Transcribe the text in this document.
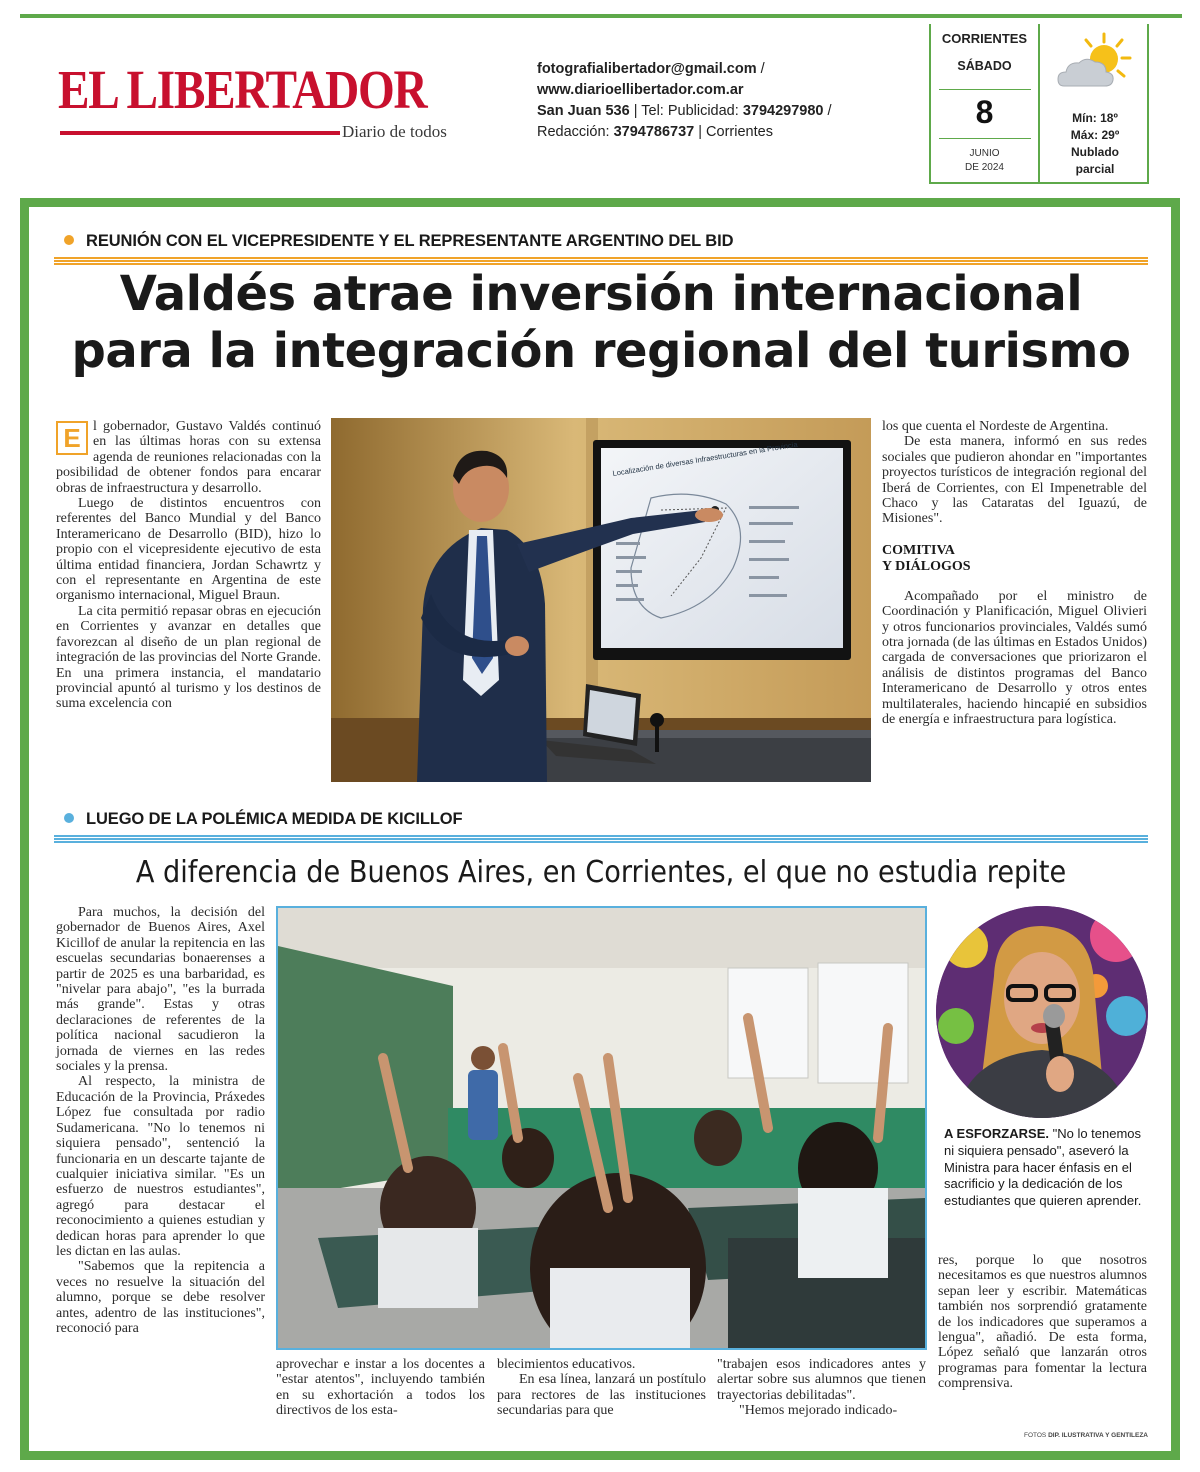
EL LIBERTADOR
Diario de todos
fotografialibertador@gmail.com /
www.diarioellibertador.com.ar
San Juan 536 | Tel: Publicidad: 3794297980 /
Redacción: 3794786737 | Corrientes
CORRIENTES
SÁBADO
8
JUNIO
DE 2024
Mín: 18º
Máx: 29º
Nublado
parcial
REUNIÓN CON EL VICEPRESIDENTE Y EL REPRESENTANTE ARGENTINO DEL BID
Valdés atrae inversión internacional
para la integración regional del turismo
E l gobernador, Gustavo Valdés continuó en las últimas horas con su extensa agenda de reuniones relacionadas con la posibilidad de obtener fondos para encarar obras de infraestructura y desarrollo.

Luego de distintos encuentros con referentes del Banco Mundial y del Banco Interamericano de Desarrollo (BID), hizo lo propio con el vicepresidente ejecutivo de esta última entidad financiera, Jordan Schawrtz y con el representante en Argentina de este organismo internacional, Miguel Braun.

La cita permitió repasar obras en ejecución en Corrientes y avanzar en detalles que favorezcan al diseño de un plan regional de integración de las provincias del Norte Grande. En una primera instancia, el mandatario provincial apuntó al turismo y los destinos de suma excelencia con

Localización de diversas Infraestructuras en la Provincia

los que cuenta el Nordeste de Argentina.

De esta manera, informó en sus redes sociales que pudieron ahondar en "importantes proyectos turísticos de integración regional del Iberá de Corrientes, con El Impenetrable del Chaco y las Cataratas del Iguazú, de Misiones".

COMITIVA
Y DIÁLOGOS

Acompañado por el ministro de Coordinación y Planificación, Miguel Olivieri y otros funcionarios provinciales, Valdés sumó otra jornada (de las últimas en Estados Unidos) cargada de conversaciones que priorizaron el análisis de distintos programas del Banco Interamericano de Desarrollo y otros entes multilaterales, haciendo hincapié en subsidios de energía e infraestructura para logística.

LUEGO DE LA POLÉMICA MEDIDA DE KICILLOF
A diferencia de Buenos Aires, en Corrientes, el que no estudia repite

Para muchos, la decisión del gobernador de Buenos Aires, Axel Kicillof de anular la repitencia en las escuelas secundarias bonaerenses a partir de 2025 es una barbaridad, es "nivelar para abajo", "es la burrada más grande". Estas y otras declaraciones de referentes de la política nacional sacudieron la jornada de viernes en las redes sociales y la prensa.

Al respecto, la ministra de Educación de la Provincia, Práxedes López fue consultada por radio Sudamericana. "No lo tenemos ni siquiera pensado", sentenció la funcionaria en un descarte tajante de cualquier iniciativa similar. "Es un esfuerzo de nuestros estudiantes", agregó para destacar el reconocimiento a quienes estudian y dedican horas para aprender lo que les dictan en las aulas.

"Sabemos que la repitencia a veces no resuelve la situación del alumno, porque se debe resolver antes, adentro de las instituciones", reconoció para

aprovechar e instar a los docentes a "estar atentos", incluyendo también en su exhortación a todos los directivos de los esta-

blecimientos educativos.

En esa línea, lanzará un postítulo para rectores de las instituciones secundarias para que

"trabajen esos indicadores antes y alertar sobre sus alumnos que tienen trayectorias debilitadas".

"Hemos mejorado indicado-

A ESFORZARSE. "No lo tenemos ni siquiera pensado", aseveró la Ministra para hacer énfasis en el sacrificio y la dedicación de los estudiantes que quieren aprender.
res, porque lo que nosotros necesitamos es que nuestros alumnos sepan leer y escribir. Matemáticas también nos sorprendió gratamente de los indicadores que superamos a lengua", añadió. De esta forma, López señaló que lanzarán otros programas para fomentar la lectura comprensiva.
FOTOS DIP. ILUSTRATIVA Y GENTILEZA
